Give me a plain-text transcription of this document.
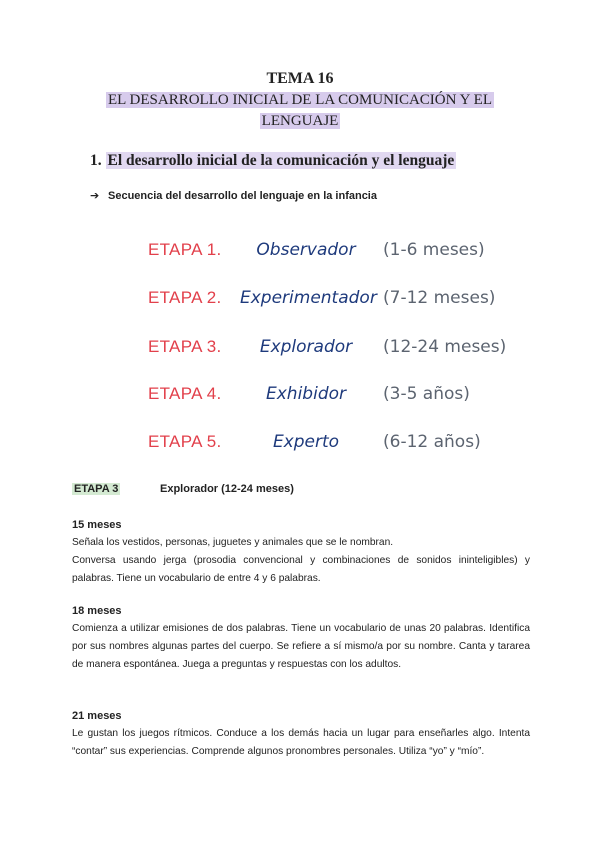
TEMA 16
EL DESARROLLO INICIAL DE LA COMUNICACIÓN Y EL
LENGUAJE
1. El desarrollo inicial de la comunicación y el lenguaje
➔ Secuencia del desarrollo del lenguaje en la infancia
ETAPA 1.	Observador	(1-6 meses)
ETAPA 2. Experimentador (7-12 meses)
ETAPA 3.	Explorador	(12-24 meses)
ETAPA 4.	Exhibidor	(3-5 años)
ETAPA 5.	Experto	(6-12 años)
ETAPA 3	Explorador (12-24 meses)
15 meses

Señala los vestidos, personas, juguetes y animales que se le nombran.

Conversa usando jerga (prosodia convencional y combinaciones de sonidos ininteligibles) y palabras. Tiene un vocabulario de entre 4 y 6 palabras.

18 meses

Comienza a utilizar emisiones de dos palabras. Tiene un vocabulario de unas 20 palabras. Identifica por sus nombres algunas partes del cuerpo. Se refiere a sí mismo/a por su nombre. Canta y tararea de manera espontánea. Juega a preguntas y respuestas con los adultos.

21 meses

Le gustan los juegos rítmicos. Conduce a los demás hacia un lugar para enseñarles algo. Intenta “contar” sus experiencias. Comprende algunos pronombres personales. Utiliza “yo” y “mío”.
